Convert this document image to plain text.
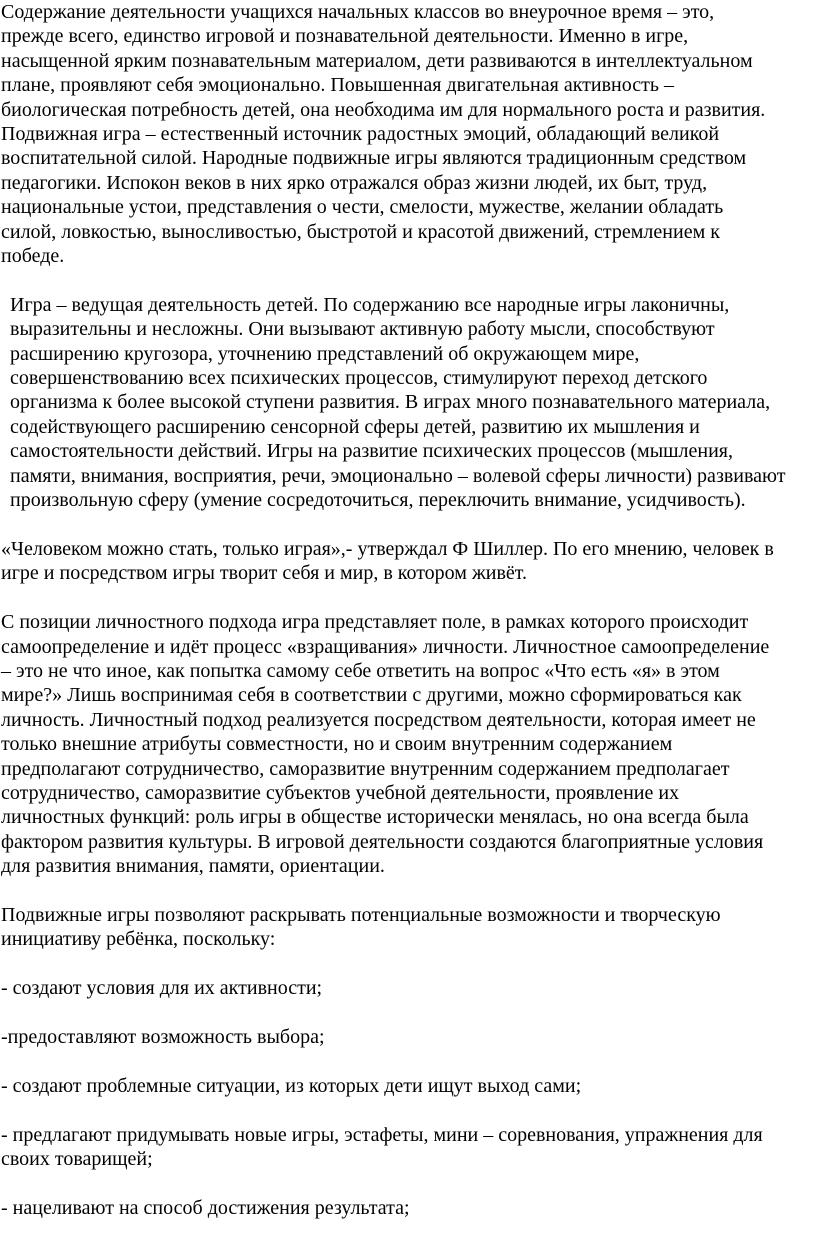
Содержание деятельности учащихся начальных классов во внеурочное время – это,
прежде всего, единство игровой и познавательной деятельности. Именно в игре,
насыщенной ярким познавательным материалом, дети развиваются в интеллектуальном
плане, проявляют себя эмоционально. Повышенная двигательная активность –
биологическая потребность детей, она необходима им для нормального роста и развития.
Подвижная игра – естественный источник радостных эмоций, обладающий великой
воспитательной силой. Народные подвижные игры являются традиционным средством
педагогики. Испокон веков в них ярко отражался образ жизни людей, их быт, труд,
национальные устои, представления о чести, смелости, мужестве, желании обладать
силой, ловкостью, выносливостью, быстротой и красотой движений, стремлением к
победе.

Игра – ведущая деятельность детей. По содержанию все народные игры лаконичны,
выразительны и несложны. Они вызывают активную работу мысли, способствуют
расширению кругозора, уточнению представлений об окружающем мире,
совершенствованию всех психических процессов, стимулируют переход детского
организма к более высокой ступени развития. В играх много познавательного материала,
содействующего расширению сенсорной сферы детей, развитию их мышления и
самостоятельности действий. Игры на развитие психических процессов (мышления,
памяти, внимания, восприятия, речи, эмоционально – волевой сферы личности) развивают
произвольную сферу (умение сосредоточиться, переключить внимание, усидчивость).

«Человеком можно стать, только играя»,- утверждал Ф Шиллер. По его мнению, человек в
игре и посредством игры творит себя и мир, в котором живёт.

С позиции личностного подхода игра представляет поле, в рамках которого происходит
самоопределение и идёт процесс «взращивания» личности. Личностное самоопределение
– это не что иное, как попытка самому себе ответить на вопрос «Что есть «я» в этом
мире?» Лишь воспринимая себя в соответствии с другими, можно сформироваться как
личность. Личностный подход реализуется посредством деятельности, которая имеет не
только внешние атрибуты совместности, но и своим внутренним содержанием
предполагают сотрудничество, саморазвитие внутренним содержанием предполагает
сотрудничество, саморазвитие субъектов учебной деятельности, проявление их
личностных функций: роль игры в обществе исторически менялась, но она всегда была
фактором развития культуры. В игровой деятельности создаются благоприятные условия
для развития внимания, памяти, ориентации.

Подвижные игры позволяют раскрывать потенциальные возможности и творческую
инициативу ребёнка, поскольку:

- создают условия для их активности;

-предоставляют возможность выбора;

- создают проблемные ситуации, из которых дети ищут выход сами;

- предлагают придумывать новые игры, эстафеты, мини – соревнования, упражнения для
своих товарищей;

- нацеливают на способ достижения результата;
